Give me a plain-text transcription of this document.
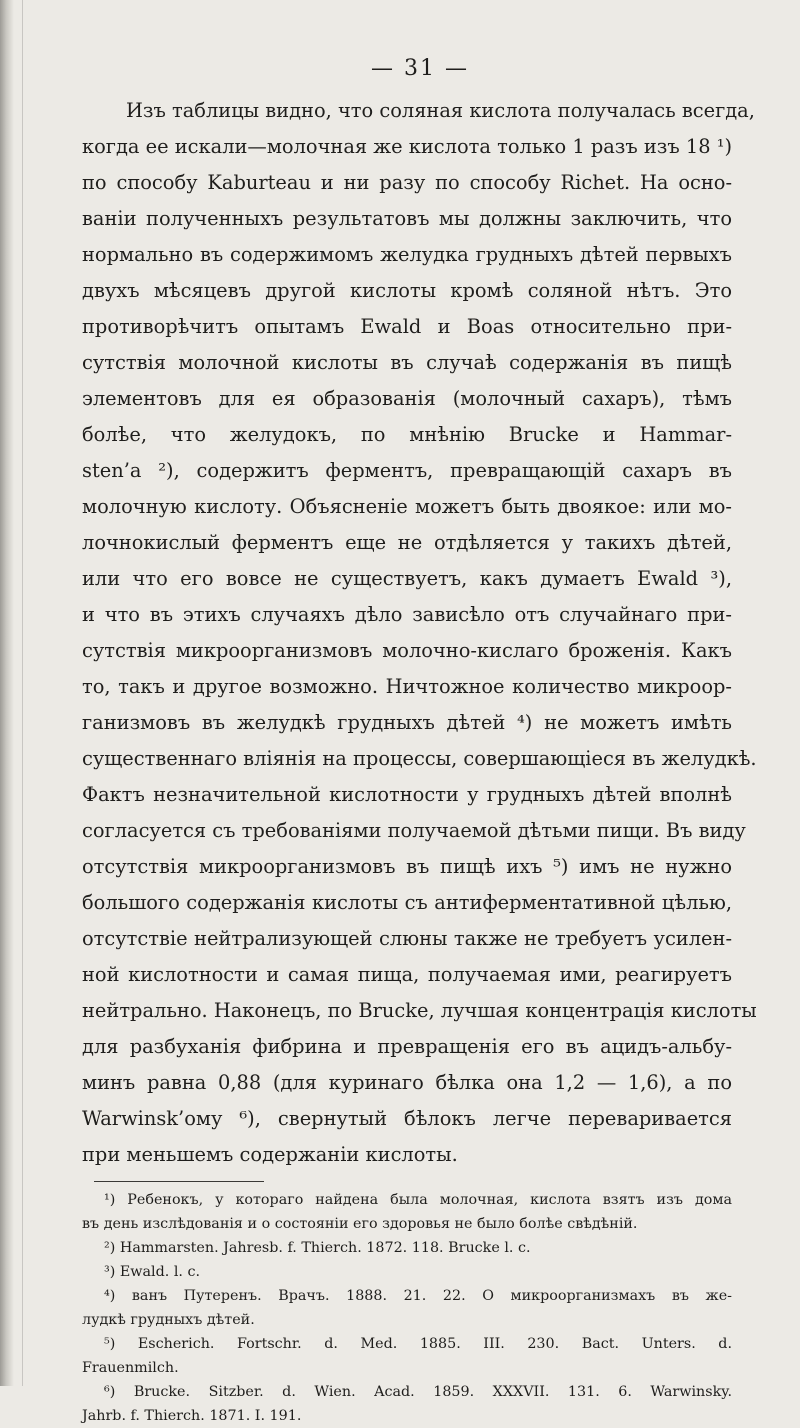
— 31 —
Изъ таблицы видно, что соляная кислота получалась всегда,
когда ее искали—молочная же кислота только 1 разъ изъ 18 ¹)
по способу Kaburteau и ни разу по способу Richet. На осно-
ваніи полученныхъ результатовъ мы должны заключить, что
нормально въ содержимомъ желудка грудныхъ дѣтей первыхъ
двухъ мѣсяцевъ другой кислоты кромѣ соляной нѣтъ. Это
противорѣчитъ опытамъ Ewald и Boas относительно при-
сутствія молочной кислоты въ случаѣ содержанія въ пищѣ
элементовъ для ея образованія (молочный сахаръ), тѣмъ
болѣе, что желудокъ, по мнѣнію Brucke и Hammar-
sten’a ²), содержитъ ферментъ, превращающій сахаръ въ
молочную кислоту. Объясненіе можетъ быть двоякое: или мо-
лочнокислый ферментъ еще не отдѣляется у такихъ дѣтей,
или что его вовсе не существуетъ, какъ думаетъ Ewald ³),
и что въ этихъ случаяхъ дѣло зависѣло отъ случайнаго при-
сутствія микроорганизмовъ молочно-кислаго броженія. Какъ
то, такъ и другое возможно. Ничтожное количество микроор-
ганизмовъ въ желудкѣ грудныхъ дѣтей ⁴) не можетъ имѣть
существеннаго вліянія на процессы, совершающіеся въ желудкѣ.
Фактъ незначительной кислотности у грудныхъ дѣтей вполнѣ
согласуется съ требованіями получаемой дѣтьми пищи. Въ виду
отсутствія микроорганизмовъ въ пищѣ ихъ ⁵) имъ не нужно
большого содержанія кислоты съ антиферментативной цѣлью,
отсутствіе нейтрализующей слюны также не требуетъ усилен-
ной кислотности и самая пища, получаемая ими, реагируетъ
нейтрально. Наконецъ, по Brucke, лучшая концентрація кислоты
для разбуханія фибрина и превращенія его въ ацидъ-альбу-
минъ равна 0,88 (для куринаго бѣлка она 1,2 — 1,6), а по
Warwinsk’ому ⁶), свернутый бѣлокъ легче переваривается
при меньшемъ содержаніи кислоты.
¹) Ребенокъ, у котораго найдена была молочная, кислота взятъ изъ дома
въ день изслѣдованія и о состояніи его здоровья не было болѣе свѣдѣній.
²) Hammarsten. Jahresb. f. Thierch. 1872. 118. Brucke l. c.
³) Ewald. l. c.
⁴) ванъ Путеренъ. Врачъ. 1888. 21. 22. О микроорганизмахъ въ же-
лудкѣ грудныхъ дѣтей.
⁵) Escherich. Fortschr. d. Med. 1885. III. 230. Bact. Unters. d.
Frauenmilch.
⁶) Brucke. Sitzber. d. Wien. Acad. 1859. XXXVII. 131. 6. Warwinsky.
Jahrb. f. Thierch. 1871. I. 191.
